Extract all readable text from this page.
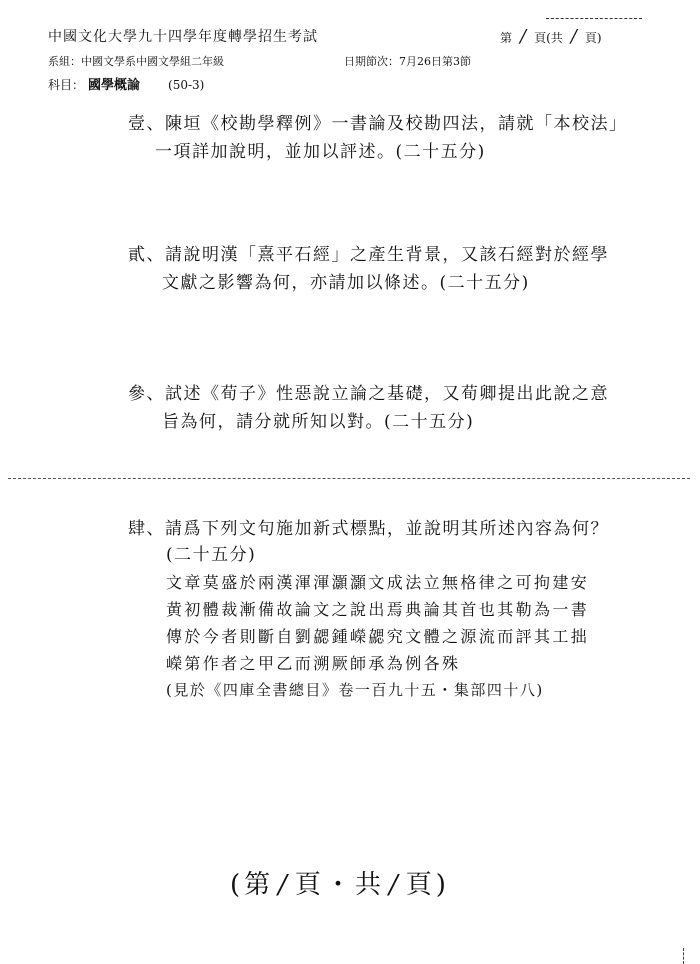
中國文化大學九十四學年度轉學招生考試	第 / 頁(共 / 頁)
系組：中國文學系中國文學組二年級	日期節次：7月26日第3節
科目： 國學概論 (50-3)
壹、陳垣《校勘學釋例》一書論及校勘四法，請就「本校法」
一項詳加說明，並加以評述。(二十五分)
貳、請說明漢「熹平石經」之產生背景，又該石經對於經學
文獻之影響為何，亦請加以條述。(二十五分)
參、試述《荀子》性惡說立論之基礎，又荀卿提出此說之意
旨為何，請分就所知以對。(二十五分)
肆、請爲下列文句施加新式標點，並說明其所述內容為何？
(二十五分)
文章莫盛於兩漢渾渾灝灝文成法立無格律之可拘建安
黄初體裁漸備故論文之說出焉典論其首也其勒為一書
傳於今者則斷自劉勰鍾嶸勰究文體之源流而評其工拙
嶸第作者之甲乙而溯厥師承為例各殊
(見於《四庫全書總目》卷一百九十五・集部四十八)
(第 / 頁・共 / 頁)
